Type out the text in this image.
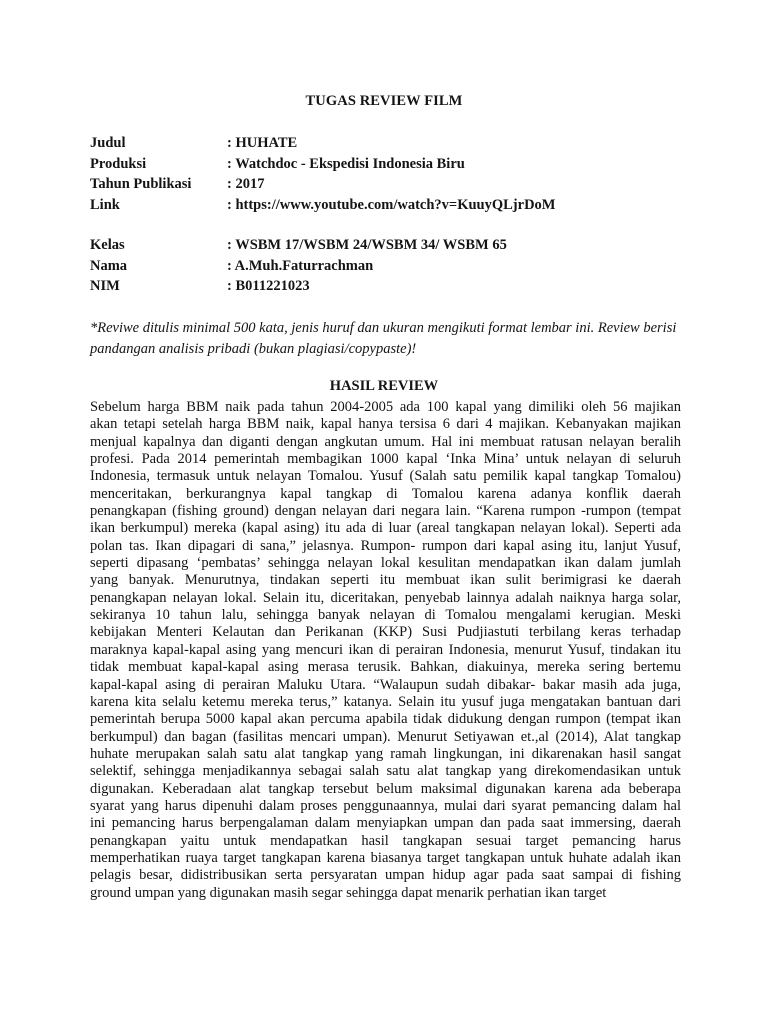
TUGAS REVIEW FILM
Judul	: HUHATE
Produksi	: Watchdoc - Ekspedisi Indonesia Biru
Tahun Publikasi : 2017
Link	: https://www.youtube.com/watch?v=KuuyQLjrDoM
Kelas	: WSBM 17/WSBM 24/WSBM 34/ WSBM 65
Nama	: A.Muh.Faturrachman
NIM	: B011221023
*Reviwe ditulis minimal 500 kata, jenis huruf dan ukuran mengikuti format lembar ini. Review berisi pandangan analisis pribadi (bukan plagiasi/copypaste)!
HASIL REVIEW
Sebelum harga BBM naik pada tahun 2004-2005 ada 100 kapal yang dimiliki oleh 56 majikan
akan tetapi setelah harga BBM naik, kapal hanya tersisa 6 dari 4 majikan. Kebanyakan majikan
menjual kapalnya dan diganti dengan angkutan umum. Hal ini membuat ratusan nelayan beralih
profesi. Pada 2014 pemerintah membagikan 1000 kapal ‘Inka Mina’ untuk nelayan di seluruh
Indonesia, termasuk untuk nelayan Tomalou. Yusuf (Salah satu pemilik kapal tangkap Tomalou)
menceritakan, berkurangnya kapal tangkap di Tomalou karena adanya konflik daerah
penangkapan (fishing ground) dengan nelayan dari negara lain. “Karena rumpon -rumpon (tempat
ikan berkumpul) mereka (kapal asing) itu ada di luar (areal tangkapan nelayan lokal). Seperti ada
polan tas. Ikan dipagari di sana,” jelasnya. Rumpon- rumpon dari kapal asing itu, lanjut Yusuf,
seperti dipasang ‘pembatas’ sehingga nelayan lokal kesulitan mendapatkan ikan dalam jumlah
yang banyak. Menurutnya, tindakan seperti itu membuat ikan sulit berimigrasi ke daerah
penangkapan nelayan lokal. Selain itu, diceritakan, penyebab lainnya adalah naiknya harga solar,
sekiranya 10 tahun lalu, sehingga banyak nelayan di Tomalou mengalami kerugian. Meski
kebijakan Menteri Kelautan dan Perikanan (KKP) Susi Pudjiastuti terbilang keras terhadap
maraknya kapal-kapal asing yang mencuri ikan di perairan Indonesia, menurut Yusuf, tindakan itu
tidak membuat kapal-kapal asing merasa terusik. Bahkan, diakuinya, mereka sering bertemu
kapal-kapal asing di perairan Maluku Utara. “Walaupun sudah dibakar- bakar masih ada juga,
karena kita selalu ketemu mereka terus,” katanya. Selain itu yusuf juga mengatakan bantuan dari
pemerintah berupa 5000 kapal akan percuma apabila tidak didukung dengan rumpon (tempat ikan
berkumpul) dan bagan (fasilitas mencari umpan). Menurut Setiyawan et.,al (2014), Alat tangkap
huhate merupakan salah satu alat tangkap yang ramah lingkungan, ini dikarenakan hasil sangat
selektif, sehingga menjadikannya sebagai salah satu alat tangkap yang direkomendasikan untuk
digunakan. Keberadaan alat tangkap tersebut belum maksimal digunakan karena ada beberapa
syarat yang harus dipenuhi dalam proses penggunaannya, mulai dari syarat pemancing dalam hal
ini pemancing harus berpengalaman dalam menyiapkan umpan dan pada saat immersing, daerah
penangkapan yaitu untuk mendapatkan hasil tangkapan sesuai target pemancing harus
memperhatikan ruaya target tangkapan karena biasanya target tangkapan untuk huhate adalah ikan
pelagis besar, didistribusikan serta persyaratan umpan hidup agar pada saat sampai di fishing
ground umpan yang digunakan masih segar sehingga dapat menarik perhatian ikan target
